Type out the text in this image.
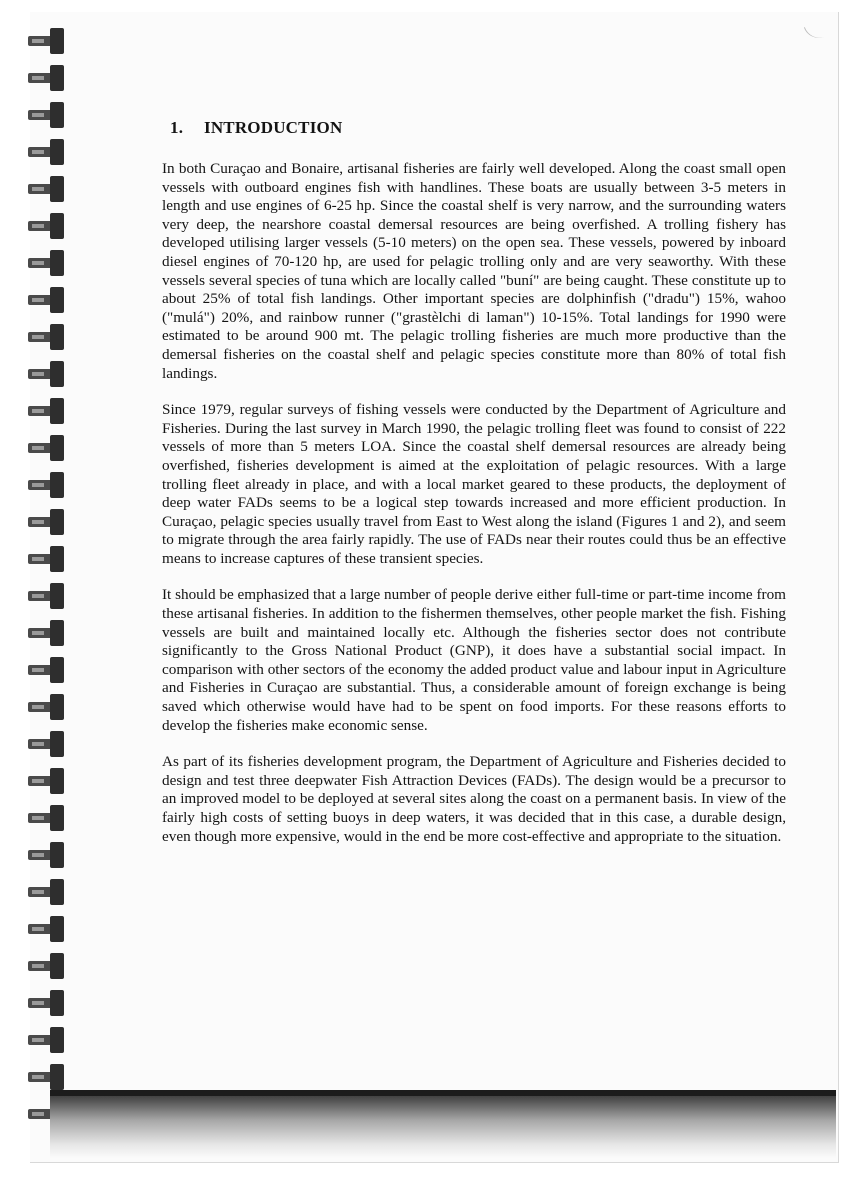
1. INTRODUCTION

In both Curaçao and Bonaire, artisanal fisheries are fairly well developed. Along the coast small open vessels with outboard engines fish with handlines. These boats are usually between 3-5 meters in length and use engines of 6-25 hp. Since the coastal shelf is very narrow, and the surrounding waters very deep, the nearshore coastal demersal resources are being overfished. A trolling fishery has developed utilising larger vessels (5-10 meters) on the open sea. These vessels, powered by inboard diesel engines of 70-120 hp, are used for pelagic trolling only and are very seaworthy. With these vessels several species of tuna which are locally called "buní" are being caught. These constitute up to about 25% of total fish landings. Other important species are dolphinfish ("dradu") 15%, wahoo ("mulá") 20%, and rainbow runner ("grastèlchi di laman") 10-15%. Total landings for 1990 were estimated to be around 900 mt. The pelagic trolling fisheries are much more productive than the demersal fisheries on the coastal shelf and pelagic species constitute more than 80% of total fish landings.

Since 1979, regular surveys of fishing vessels were conducted by the Department of Agriculture and Fisheries. During the last survey in March 1990, the pelagic trolling fleet was found to consist of 222 vessels of more than 5 meters LOA. Since the coastal shelf demersal resources are already being overfished, fisheries development is aimed at the exploitation of pelagic resources. With a large trolling fleet already in place, and with a local market geared to these products, the deployment of deep water FADs seems to be a logical step towards increased and more efficient production. In Curaçao, pelagic species usually travel from East to West along the island (Figures 1 and 2), and seem to migrate through the area fairly rapidly. The use of FADs near their routes could thus be an effective means to increase captures of these transient species.

It should be emphasized that a large number of people derive either full-time or part-time income from these artisanal fisheries. In addition to the fishermen themselves, other people market the fish. Fishing vessels are built and maintained locally etc. Although the fisheries sector does not contribute significantly to the Gross National Product (GNP), it does have a substantial social impact. In comparison with other sectors of the economy the added product value and labour input in Agriculture and Fisheries in Curaçao are substantial. Thus, a considerable amount of foreign exchange is being saved which otherwise would have had to be spent on food imports. For these reasons efforts to develop the fisheries make economic sense.

As part of its fisheries development program, the Department of Agriculture and Fisheries decided to design and test three deepwater Fish Attraction Devices (FADs). The design would be a precursor to an improved model to be deployed at several sites along the coast on a permanent basis. In view of the fairly high costs of setting buoys in deep waters, it was decided that in this case, a durable design, even though more expensive, would in the end be more cost-effective and appropriate to the situation.
